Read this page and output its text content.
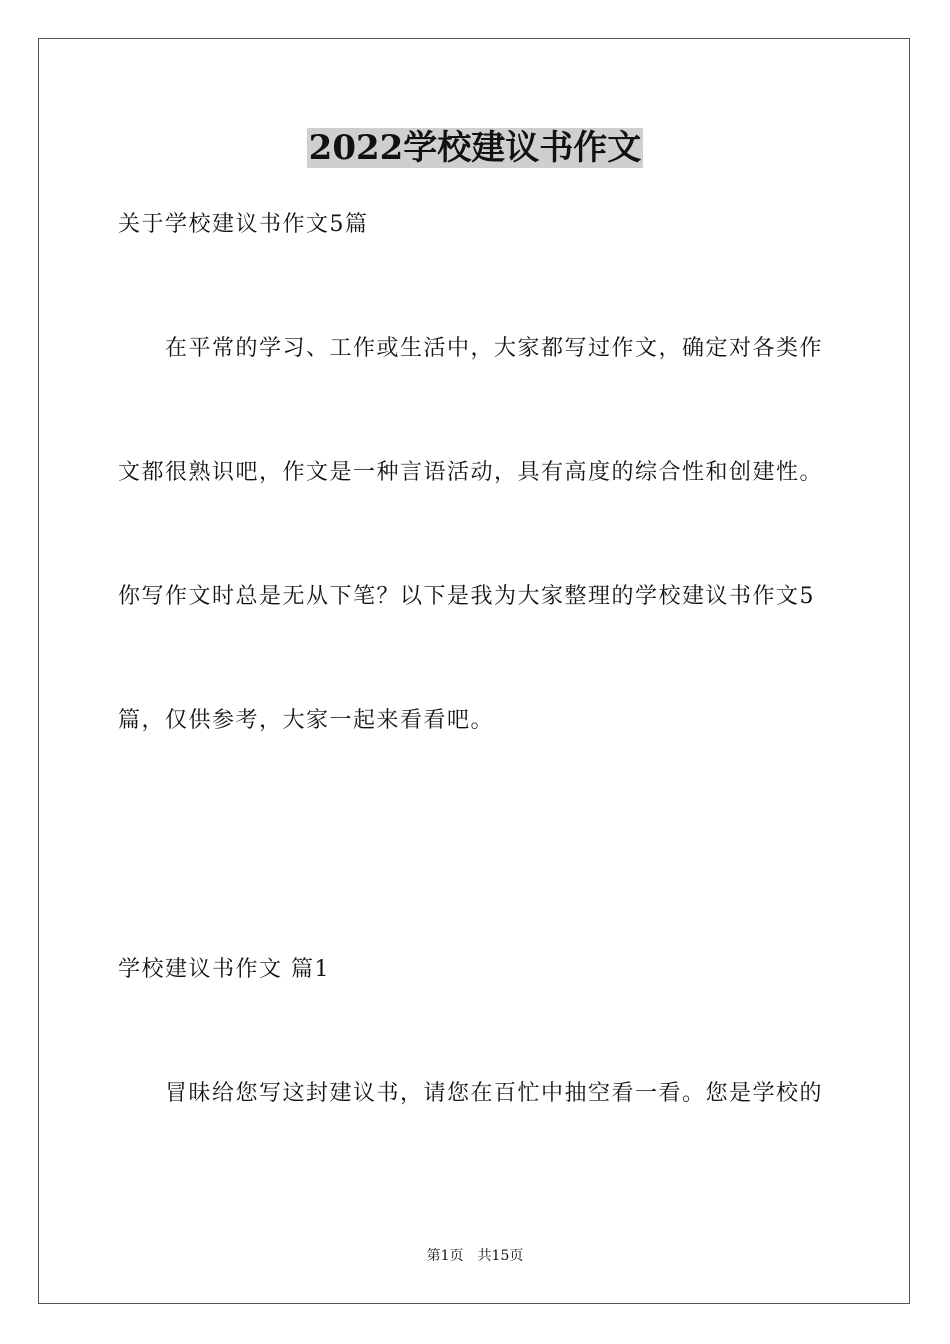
2022学校建议书作文
关于学校建议书作文5篇
在平常的学习、工作或生活中，大家都写过作文，确定对各类作
文都很熟识吧，作文是一种言语活动，具有高度的综合性和创建性。
你写作文时总是无从下笔？以下是我为大家整理的学校建议书作文5
篇，仅供参考，大家一起来看看吧。
学校建议书作文 篇1
冒昧给您写这封建议书，请您在百忙中抽空看一看。您是学校的
第1页 共15页
